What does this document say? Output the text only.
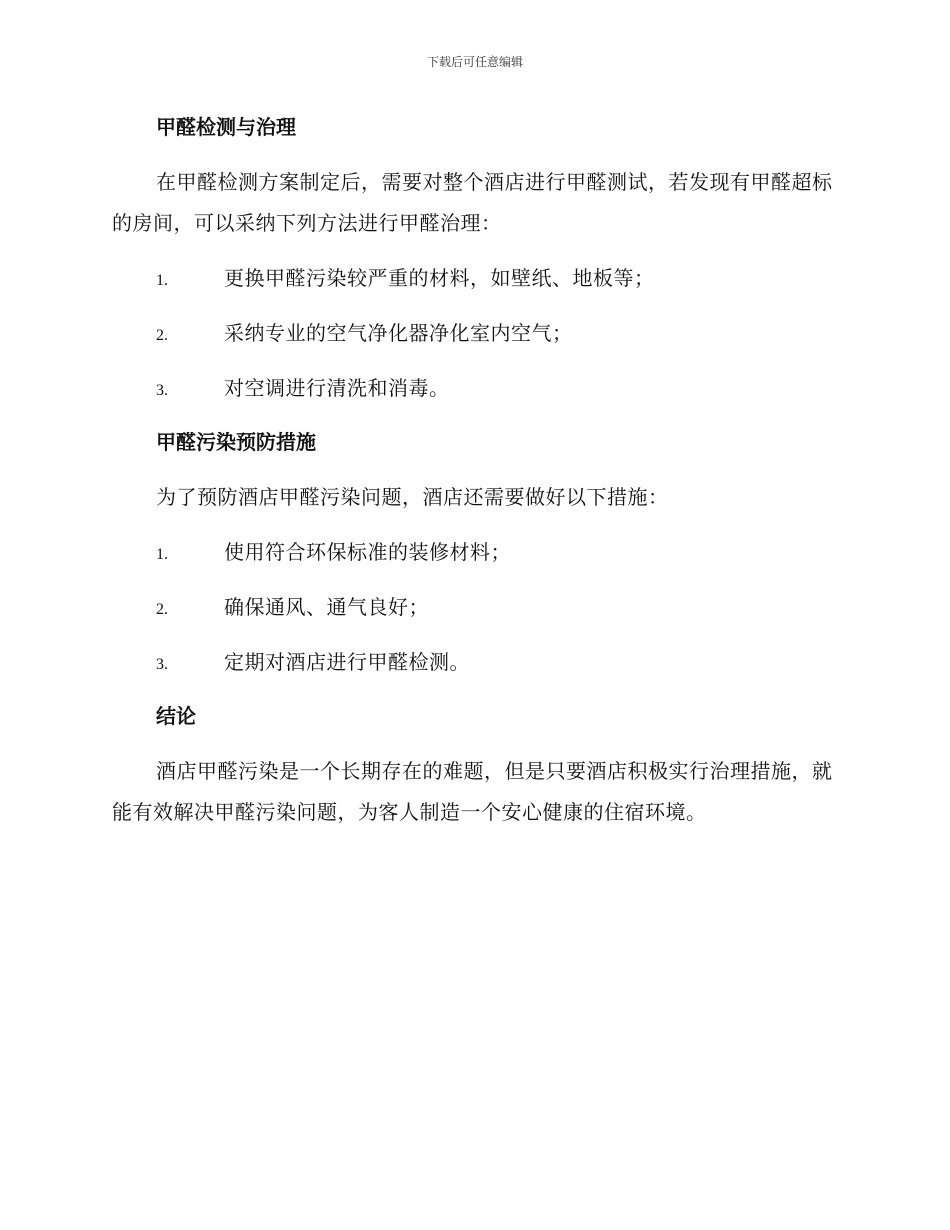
下载后可任意编辑
甲醛检测与治理

在甲醛检测方案制定后，需要对整个酒店进行甲醛测试，若发现有甲醛超标的房间，可以采纳下列方法进行甲醛治理：

1.	更换甲醛污染较严重的材料，如壁纸、地板等；
2.	采纳专业的空气净化器净化室内空气；
3.	对空调进行清洗和消毒。
甲醛污染预防措施

为了预防酒店甲醛污染问题，酒店还需要做好以下措施：

1.	使用符合环保标准的装修材料；
2.	确保通风、通气良好；
3.	定期对酒店进行甲醛检测。
结论

酒店甲醛污染是一个长期存在的难题，但是只要酒店积极实行治理措施，就能有效解决甲醛污染问题，为客人制造一个安心健康的住宿环境。
